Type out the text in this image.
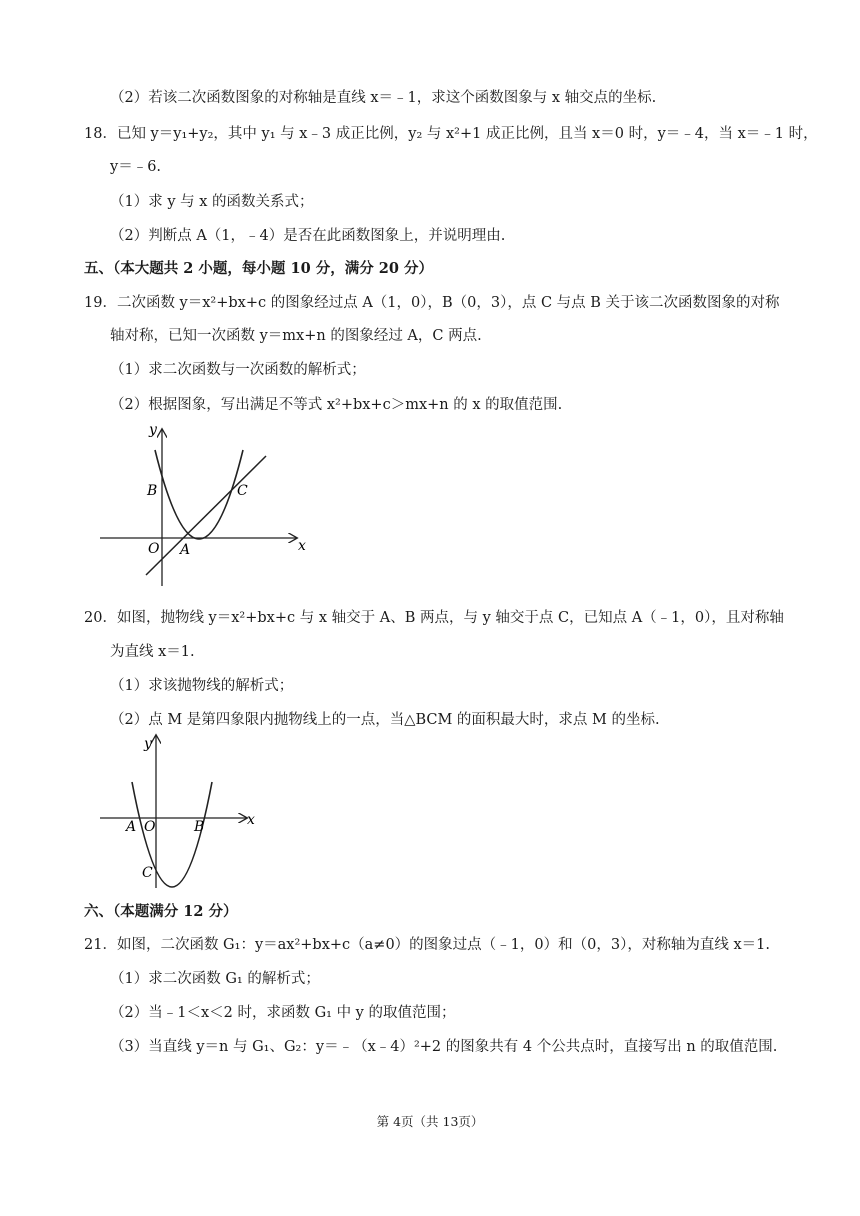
（2）若该二次函数图象的对称轴是直线 x＝﹣1，求这个函数图象与 x 轴交点的坐标.
18．已知 y＝y₁+y₂，其中 y₁ 与 x﹣3 成正比例，y₂ 与 x²+1 成正比例，且当 x＝0 时，y＝﹣4，当 x＝﹣1 时，
y＝﹣6.
（1）求 y 与 x 的函数关系式；
（2）判断点 A（1，﹣4）是否在此函数图象上，并说明理由.
五、（本大题共 2 小题，每小题 10 分，满分 20 分）
19．二次函数 y＝x²+bx+c 的图象经过点 A（1，0），B（0，3），点 C 与点 B 关于该二次函数图象的对称
轴对称，已知一次函数 y＝mx+n 的图象经过 A，C 两点.
（1）求二次函数与一次函数的解析式；
（2）根据图象，写出满足不等式 x²+bx+c＞mx+n 的 x 的取值范围.
y
x
B	C
O A
20．如图，抛物线 y＝x²+bx+c 与 x 轴交于 A、B 两点，与 y 轴交于点 C，已知点 A（﹣1，0），且对称轴
为直线 x＝1.
（1）求该抛物线的解析式；
（2）点 M 是第四象限内抛物线上的一点，当△BCM 的面积最大时，求点 M 的坐标.
y
x
A O	B
C
六、（本题满分 12 分）
21．如图，二次函数 G₁：y＝ax²+bx+c（a≠0）的图象过点（﹣1，0）和（0，3），对称轴为直线 x＝1.
（1）求二次函数 G₁ 的解析式；
（2）当﹣1＜x＜2 时，求函数 G₁ 中 y 的取值范围；
（3）当直线 y＝n 与 G₁、G₂：y＝﹣（x﹣4）²+2 的图象共有 4 个公共点时，直接写出 n 的取值范围.
第 4页（共 13页）
